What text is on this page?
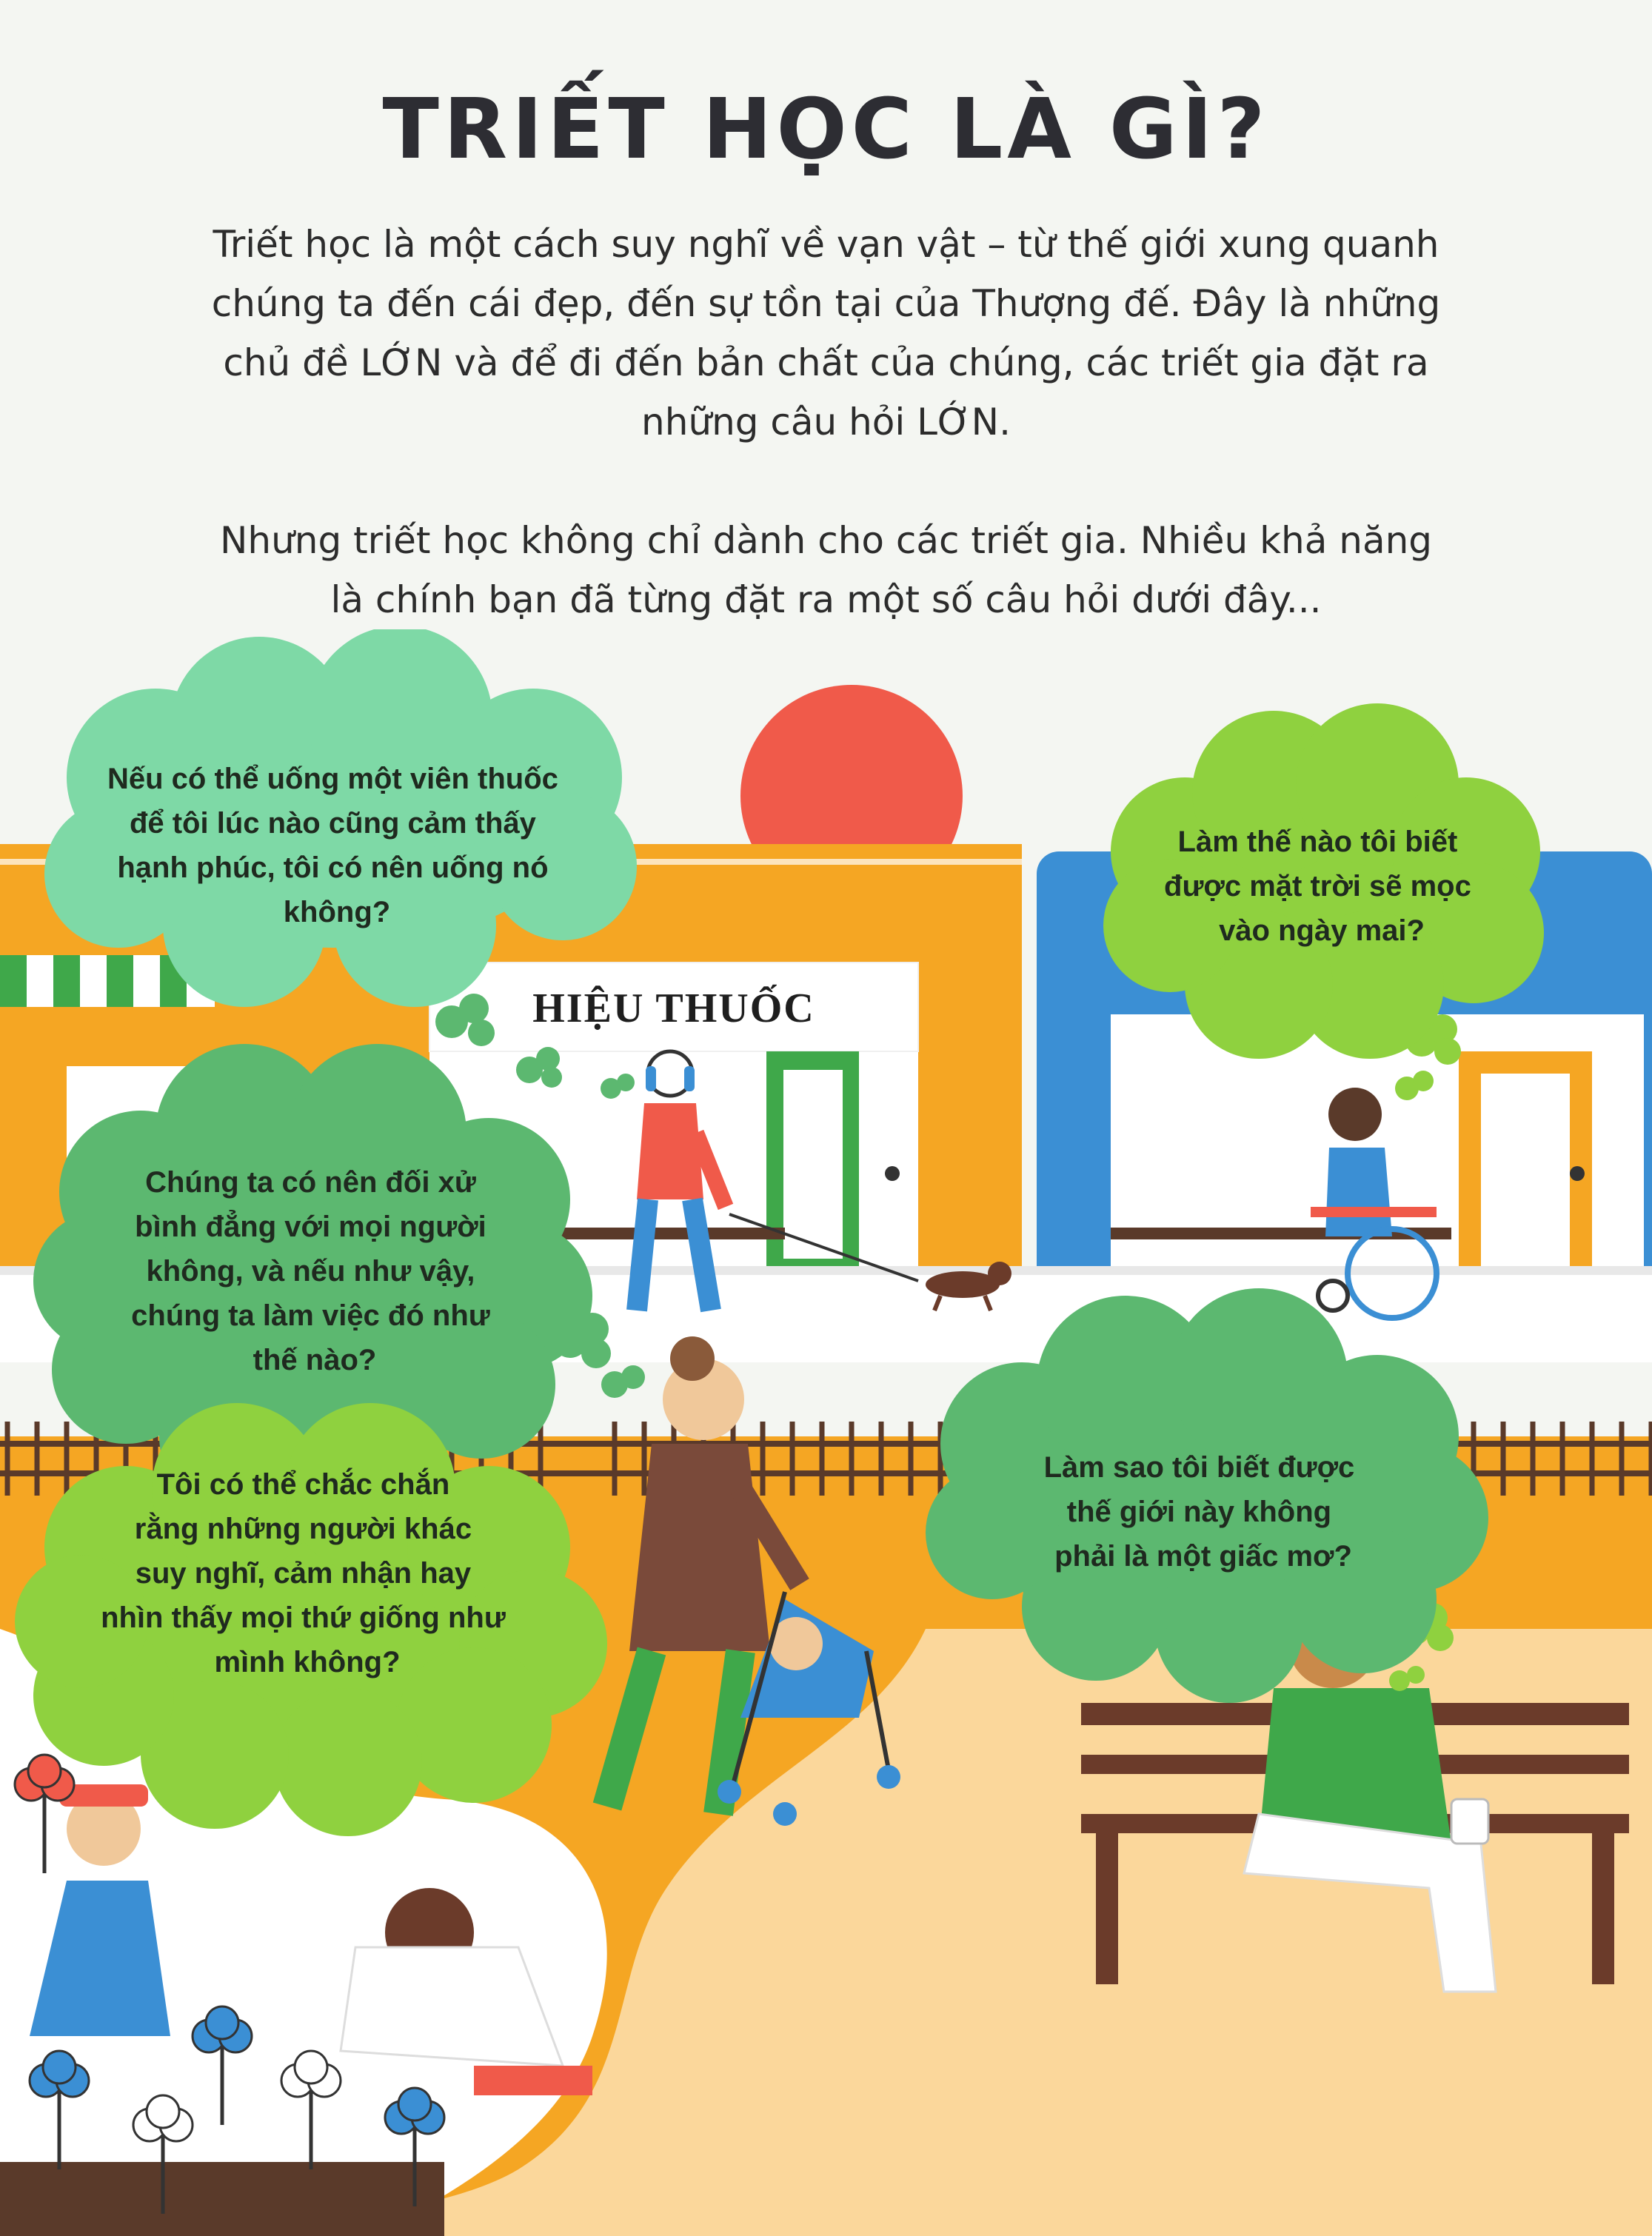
TRIẾT HỌC LÀ GÌ?

Triết học là một cách suy nghĩ về vạn vật – từ thế giới xung quanh

chúng ta đến cái đẹp, đến sự tồn tại của Thượng đế. Đây là những

chủ đề LỚN và để đi đến bản chất của chúng, các triết gia đặt ra

những câu hỏi LỚN.

Nhưng triết học không chỉ dành cho các triết gia. Nhiều khả năng

là chính bạn đã từng đặt ra một số câu hỏi dưới đây...

HIỆU THUỐC
Nếu có thể uống một viên thuốc để tôi lúc nào cũng cảm thấy hạnh phúc, tôi có nên uống nó không?
Làm thế nào tôi biết được mặt trời sẽ mọc vào ngày mai?
Chúng ta có nên đối xử bình đẳng với mọi người không, và nếu như vậy, chúng ta làm việc đó như thế nào?
Tôi có thể chắc chắn rằng những người khác suy nghĩ, cảm nhận hay nhìn thấy mọi thứ giống như mình không?
Làm sao tôi biết được thế giới này không phải là một giấc mơ?
